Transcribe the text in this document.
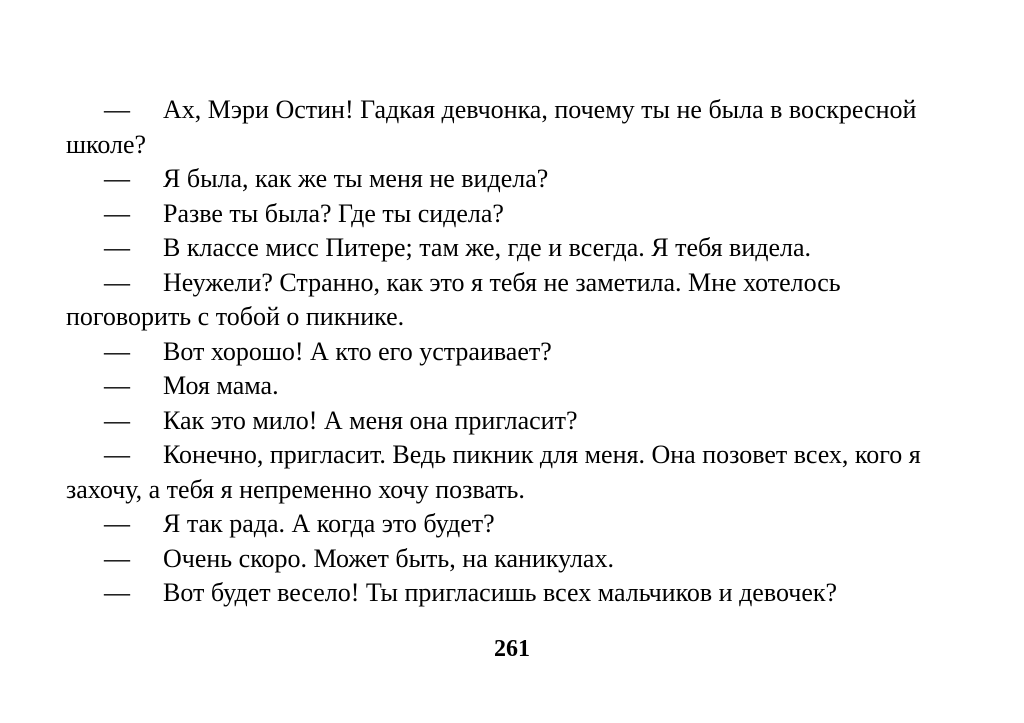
— Ах, Мэри Остин! Гадкая девчонка, почему ты не была в воскресной школе?

— Я была, как же ты меня не видела?

— Разве ты была? Где ты сидела?

— В классе мисс Питере; там же, где и всегда. Я тебя видела.

— Неужели? Странно, как это я тебя не заметила. Мне хотелось поговорить с тобой о пикнике.

— Вот хорошо! А кто его устраивает?

— Моя мама.

— Как это мило! А меня она пригласит?

— Конечно, пригласит. Ведь пикник для меня. Она позовет всех, кого я захочу, а тебя я непременно хочу позвать.

— Я так рада. А когда это будет?

— Очень скоро. Может быть, на каникулах.

— Вот будет весело! Ты пригласишь всех мальчиков и девочек?

261
